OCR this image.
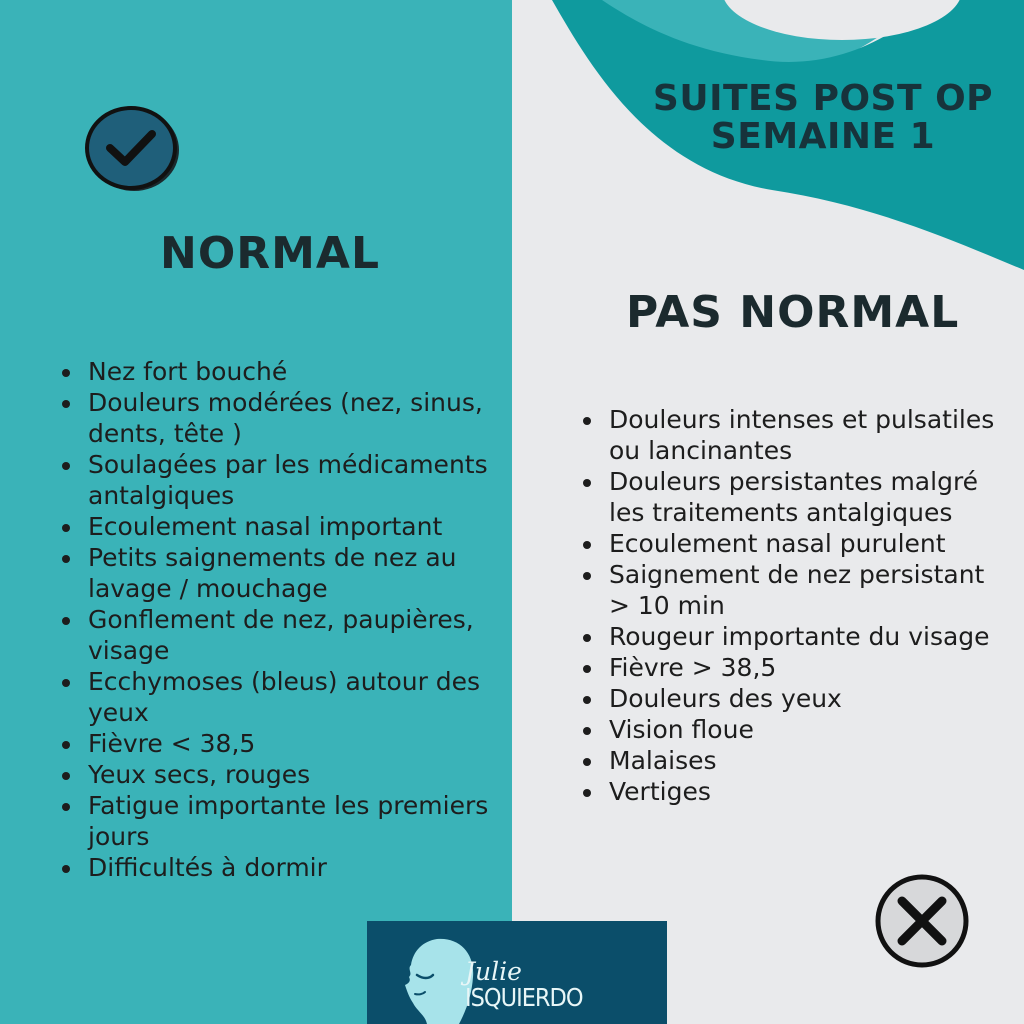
SUITES POST OP
SEMAINE 1
NORMAL
PAS NORMAL
Nez fort bouché
Douleurs modérées (nez, sinus, dents, tête )
Soulagées par les médicaments antalgiques
Ecoulement nasal important
Petits saignements de nez au lavage / mouchage
Gonflement de nez, paupières, visage
Ecchymoses (bleus) autour des yeux
Fièvre < 38,5
Yeux secs, rouges
Fatigue importante les premiers jours
Difficultés à dormir
Douleurs intenses et pulsatiles ou lancinantes
Douleurs persistantes malgré les traitements antalgiques
Ecoulement nasal purulent
Saignement de nez persistant > 10 min
Rougeur importante du visage
Fièvre > 38,5
Douleurs des yeux
Vision floue
Malaises
Vertiges
Julie
ISQUIERDO
